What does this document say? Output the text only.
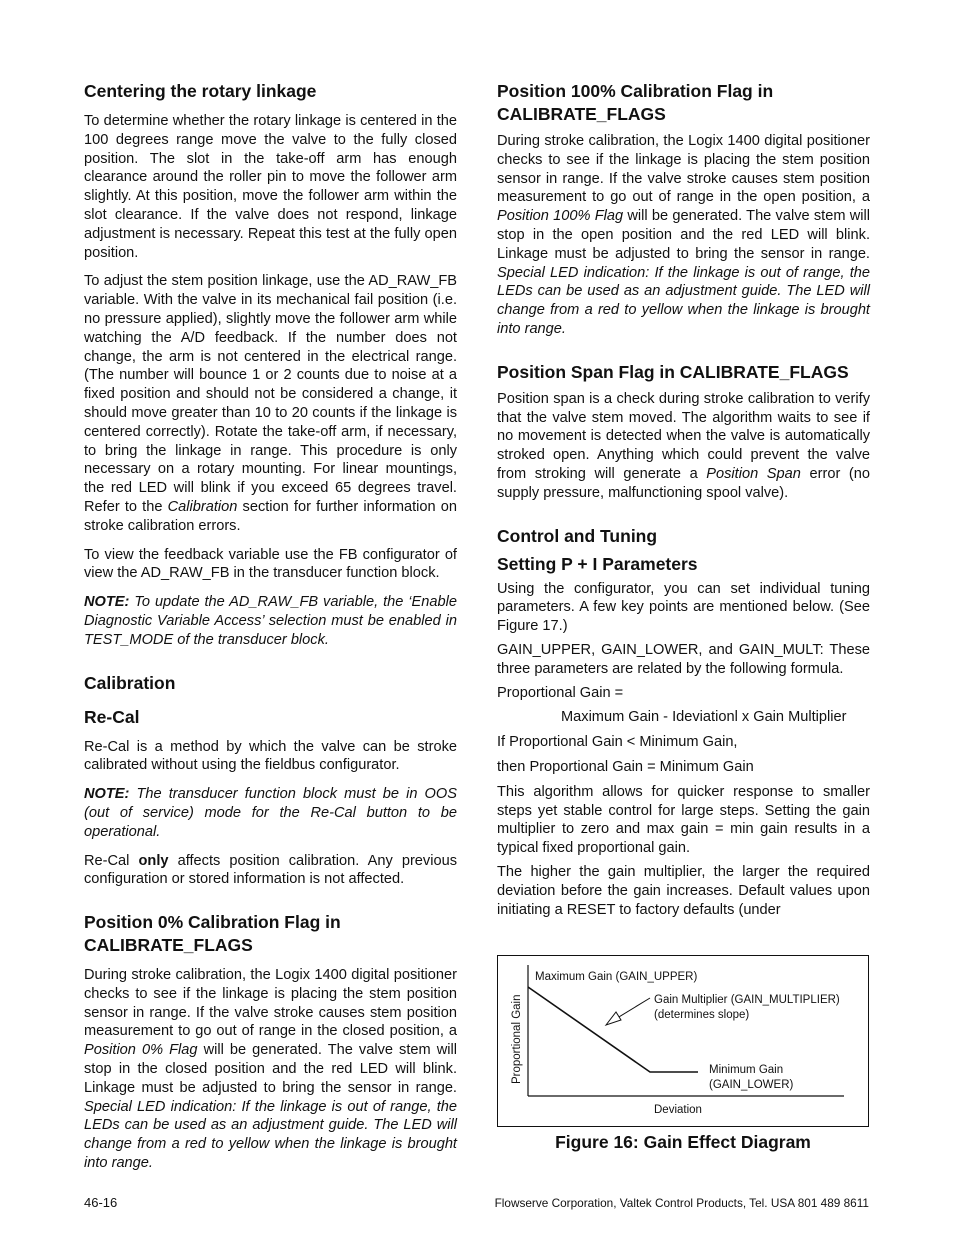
Centering the rotary linkage

To determine whether the rotary linkage is centered in the 100 degrees range move the valve to the fully closed position. The slot in the take-off arm has enough clearance around the roller pin to move the follower arm slightly. At this position, move the follower arm within the slot clearance. If the valve does not respond, linkage adjustment is necessary. Repeat this test at the fully open position.

To adjust the stem position linkage, use the AD_RAW_FB variable. With the valve in its mechanical fail position (i.e. no pressure applied), slightly move the follower arm while watching the A/D feedback. If the number does not change, the arm is not centered in the electrical range. (The number will bounce 1 or 2 counts due to noise at a fixed position and should not be considered a change, it should move greater than 10 to 20 counts if the linkage is centered correctly). Rotate the take-off arm, if necessary, to bring the linkage in range. This procedure is only necessary on a rotary mounting. For linear mountings, the red LED will blink if you exceed 65 degrees travel. Refer to the Calibration section for further information on stroke calibration errors.

To view the feedback variable use the FB configurator of view the AD_RAW_FB in the transducer function block.

NOTE: To update the AD_RAW_FB variable, the ‘Enable Diagnostic Variable Access’ selection must be enabled in TEST_MODE of the transducer block.

Calibration
Re-Cal

Re-Cal is a method by which the valve can be stroke calibrated without using the fieldbus configurator.

NOTE: The transducer function block must be in OOS (out of service) mode for the Re-Cal button to be operational.

Re-Cal only affects position calibration. Any previous configuration or stored information is not affected.

Position 0% Calibration Flag in CALIBRATE_FLAGS

During stroke calibration, the Logix 1400 digital positioner checks to see if the linkage is placing the stem position sensor in range. If the valve stroke causes stem position measurement to go out of range in the closed position, a Position 0% Flag will be generated. The valve stem will stop in the closed position and the red LED will blink. Linkage must be adjusted to bring the sensor in range. Special LED indication: If the linkage is out of range, the LEDs can be used as an adjustment guide. The LED will change from a red to yellow when the linkage is brought into range.

Position 100% Calibration Flag in CALIBRATE_FLAGS

During stroke calibration, the Logix 1400 digital positioner checks to see if the linkage is placing the stem position sensor in range. If the valve stroke causes stem position measurement to go out of range in the open position, a Position 100% Flag will be generated. The valve stem will stop in the open position and the red LED will blink. Linkage must be adjusted to bring the sensor in range. Special LED indication: If the linkage is out of range, the LEDs can be used as an adjustment guide. The LED will change from a red to yellow when the linkage is brought into range.

Position Span Flag in CALIBRATE_FLAGS

Position span is a check during stroke calibration to verify that the valve stem moved. The algorithm waits to see if no movement is detected when the valve is automatically stroked open. Anything which could prevent the valve from stroking will generate a Position Span error (no supply pressure, malfunctioning spool valve).

Control and Tuning
Setting P + I Parameters

Using the configurator, you can set individual tuning parameters. A few key points are mentioned below. (See Figure 17.)

GAIN_UPPER, GAIN_LOWER, and GAIN_MULT: These three parameters are related by the following formula.

Proportional Gain =

Maximum Gain - Ideviationl x Gain Multiplier

If Proportional Gain < Minimum Gain,

then Proportional Gain = Minimum Gain

This algorithm allows for quicker response to smaller steps yet stable control for large steps. Setting the gain multiplier to zero and max gain = min gain results in a typical fixed proportional gain.

The higher the gain multiplier, the larger the required deviation before the gain increases. Default values upon initiating a RESET to factory defaults (under

Maximum Gain (GAIN_UPPER)
Gain Multiplier (GAIN_MULTIPLIER)
(determines slope)
Minimum Gain
(GAIN_LOWER)
Deviation
Proportional Gain
Figure 16: Gain Effect Diagram
46-16	Flowserve Corporation, Valtek Control Products, Tel. USA 801 489 8611
